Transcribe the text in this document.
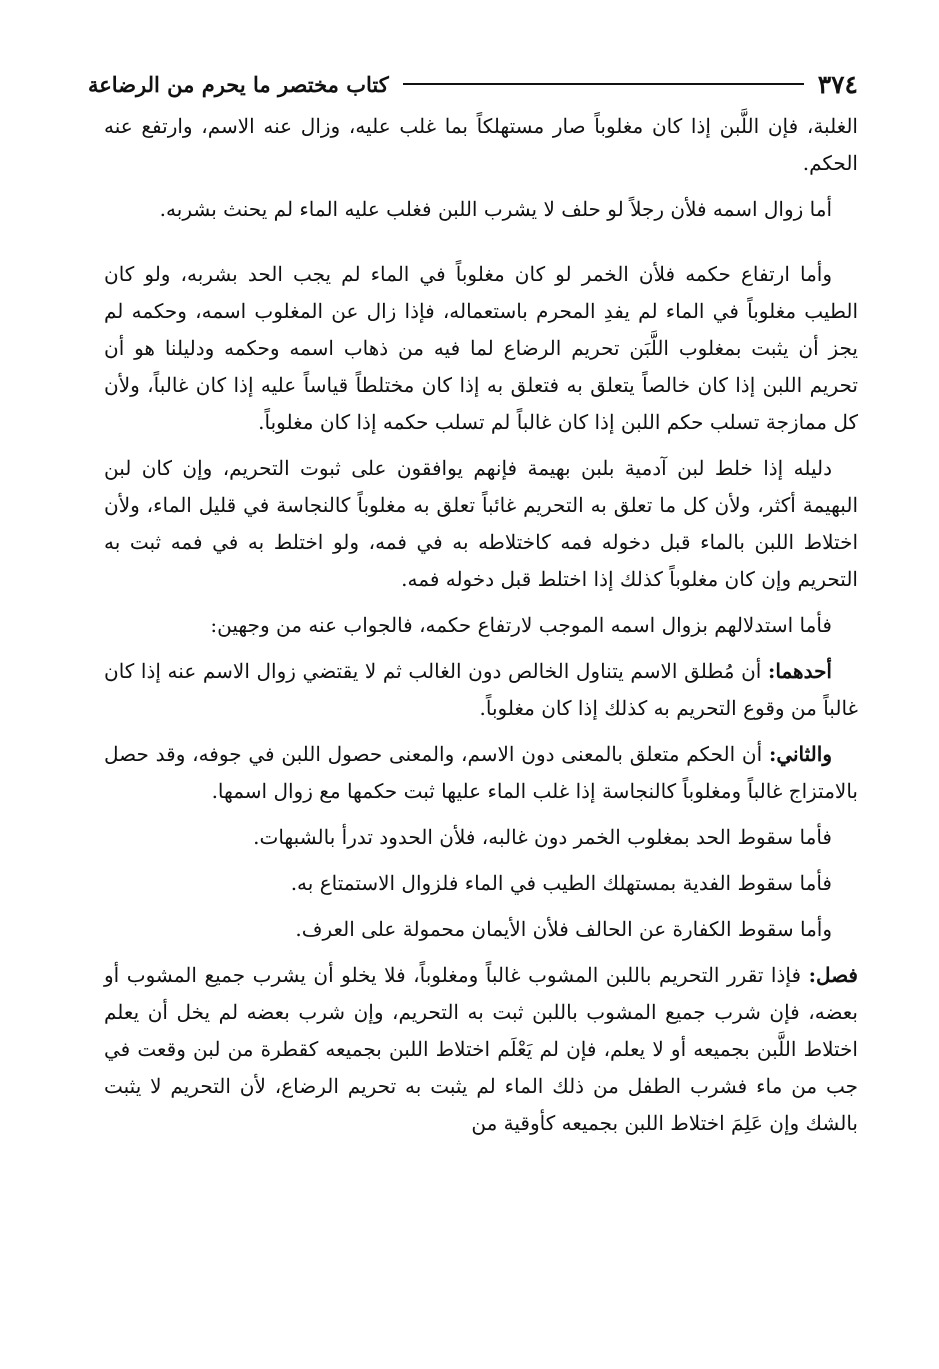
٣٧٤
كتاب مختصر ما يحرم من الرضاعة

الغلبة، فإن اللَّبن إذا كان مغلوباً صار مستهلكاً بما غلب عليه، وزال عنه الاسم، وارتفع عنه الحكم.

أما زوال اسمه فلأن رجلاً لو حلف لا يشرب اللبن فغلب عليه الماء لم يحنث بشربه.

وأما ارتفاع حكمه فلأن الخمر لو كان مغلوباً في الماء لم يجب الحد بشربه، ولو كان الطيب مغلوباً في الماء لم يفدِ المحرم باستعماله، فإذا زال عن المغلوب اسمه، وحكمه لم يجز أن يثبت بمغلوب اللَّبَن تحريم الرضاع لما فيه من ذهاب اسمه وحكمه ودليلنا هو أن تحريم اللبن إذا كان خالصاً يتعلق به فتعلق به إذا كان مختلطاً قياساً عليه إذا كان غالباً، ولأن كل ممازجة تسلب حكم اللبن إذا كان غالباً لم تسلب حكمه إذا كان مغلوباً.

دليله إذا خلط لبن آدمية بلبن بهيمة فإنهم يوافقون على ثبوت التحريم، وإن كان لبن البهيمة أكثر، ولأن كل ما تعلق به التحريم غائباً تعلق به مغلوباً كالنجاسة في قليل الماء، ولأن اختلاط اللبن بالماء قبل دخوله فمه كاختلاطه به في فمه، ولو اختلط به في فمه ثبت به التحريم وإن كان مغلوباً كذلك إذا اختلط قبل دخوله فمه.

فأما استدلالهم بزوال اسمه الموجب لارتفاع حكمه، فالجواب عنه من وجهين:

أحدهما: أن مُطلق الاسم يتناول الخالص دون الغالب ثم لا يقتضي زوال الاسم عنه إذا كان غالباً من وقوع التحريم به كذلك إذا كان مغلوباً.

والثاني: أن الحكم متعلق بالمعنى دون الاسم، والمعنى حصول اللبن في جوفه، وقد حصل بالامتزاج غالباً ومغلوباً كالنجاسة إذا غلب الماء عليها ثبت حكمها مع زوال اسمها.

فأما سقوط الحد بمغلوب الخمر دون غالبه، فلأن الحدود تدرأ بالشبهات.

فأما سقوط الفدية بمستهلك الطيب في الماء فلزوال الاستمتاع به.

وأما سقوط الكفارة عن الحالف فلأن الأيمان محمولة على العرف.

فصل: فإذا تقرر التحريم باللبن المشوب غالباً ومغلوباً، فلا يخلو أن يشرب جميع المشوب أو بعضه، فإن شرب جميع المشوب باللبن ثبت به التحريم، وإن شرب بعضه لم يخل أن يعلم اختلاط اللَّبن بجميعه أو لا يعلم، فإن لم يَعْلَم اختلاط اللبن بجميعه كقطرة من لبن وقعت في جب من ماء فشرب الطفل من ذلك الماء لم يثبت به تحريم الرضاع، لأن التحريم لا يثبت بالشك وإن عَلِمَ اختلاط اللبن بجميعه كأوقية من
